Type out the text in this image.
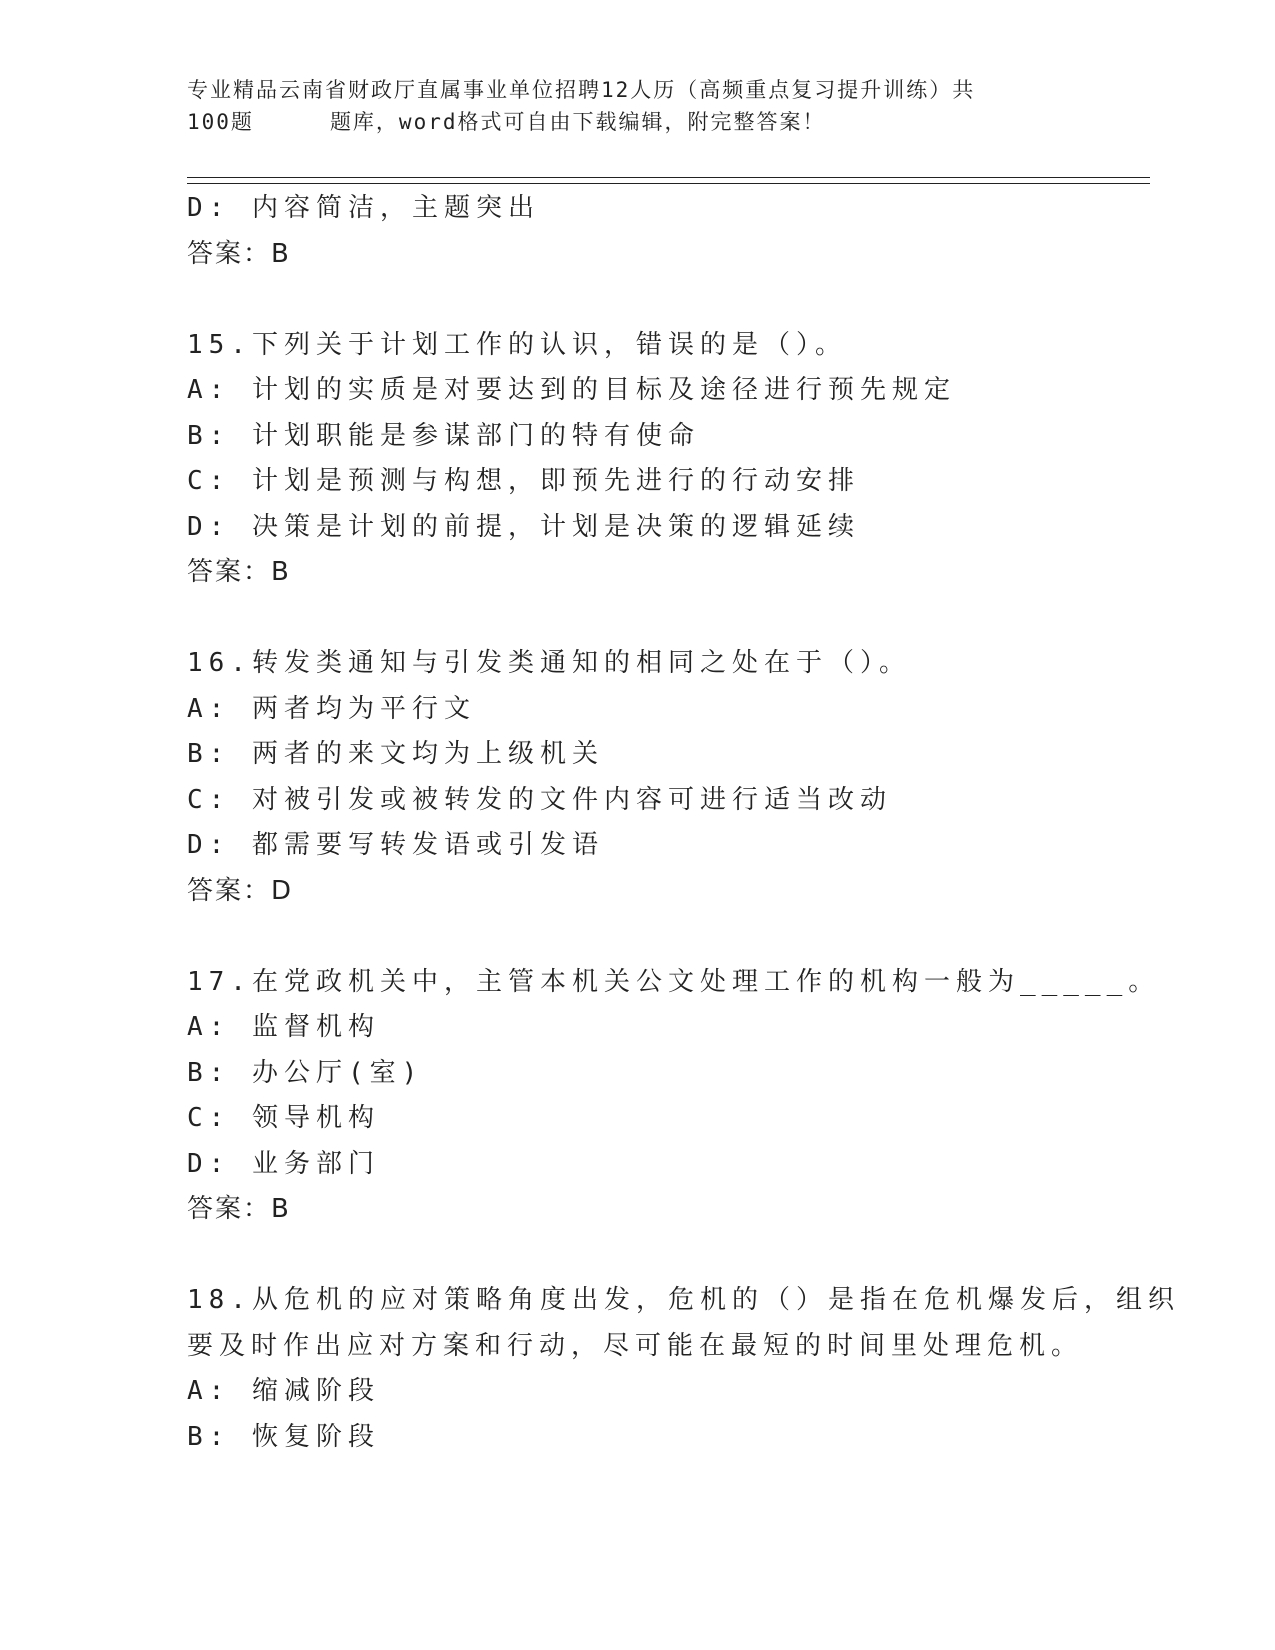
专业精品云南省财政厅直属事业单位招聘12人历（高频重点复习提升训练）共
100题	题库，word格式可自由下载编辑，附完整答案！
D: 内容简洁，主题突出
答案：B
15.下列关于计划工作的认识，错误的是（）。
A: 计划的实质是对要达到的目标及途径进行预先规定
B: 计划职能是参谋部门的特有使命
C: 计划是预测与构想，即预先进行的行动安排
D: 决策是计划的前提，计划是决策的逻辑延续
答案：B
16.转发类通知与引发类通知的相同之处在于（）。
A: 两者均为平行文
B: 两者的来文均为上级机关
C: 对被引发或被转发的文件内容可进行适当改动
D: 都需要写转发语或引发语
答案：D
17.在党政机关中，主管本机关公文处理工作的机构一般为_____。
A: 监督机构
B: 办公厅(室)
C: 领导机构
D: 业务部门
答案：B
18.从危机的应对策略角度出发，危机的（）是指在危机爆发后，组织
要及时作出应对方案和行动，尽可能在最短的时间里处理危机。
A: 缩减阶段
B: 恢复阶段
